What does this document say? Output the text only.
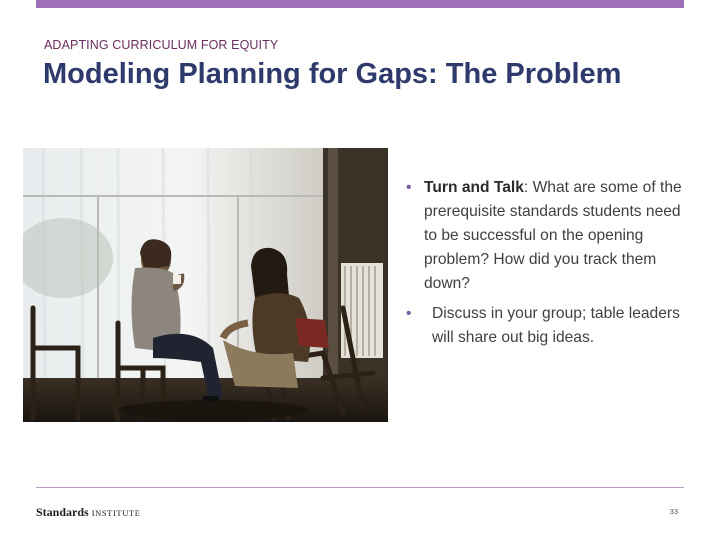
ADAPTING CURRICULUM FOR EQUITY
Modeling Planning for Gaps: The Problem
• Turn and Talk: What are some of the prerequisite standards students need to be successful on the opening problem? How did you track them down?
• Discuss in your group; table leaders will share out big ideas.
Standards INSTITUTE	33
